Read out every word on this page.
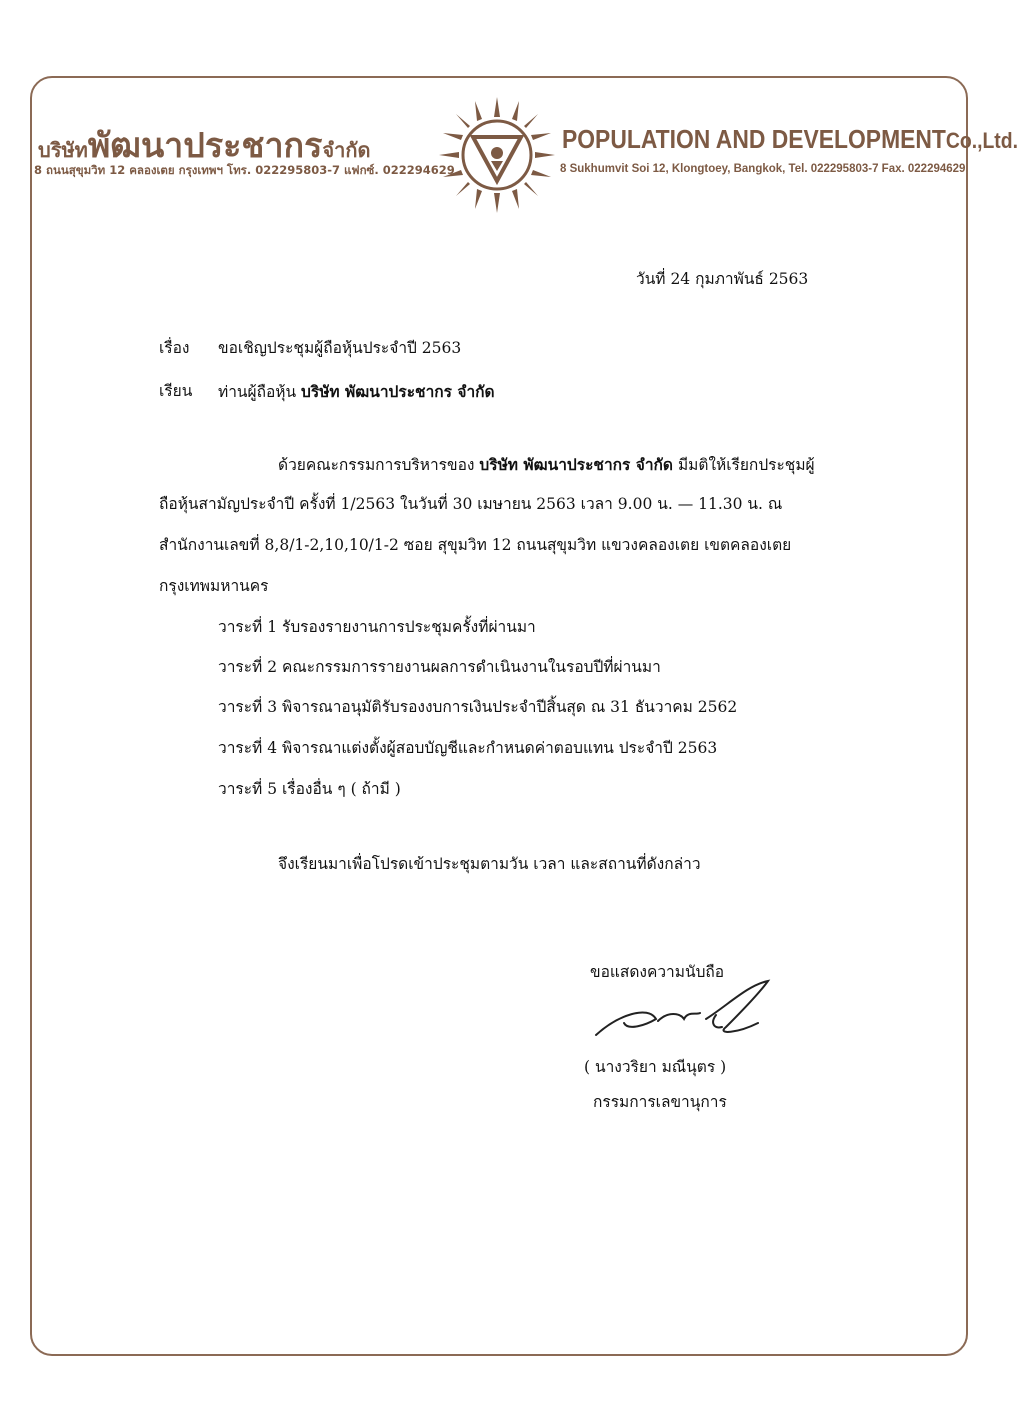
บริษัทพัฒนาประชากรจำกัด	POPULATION AND DEVELOPMENTCo.,Ltd.
8 ถนนสุขุมวิท 12 คลองเตย กรุงเทพฯ โทร. 022295803-7 แฟกซ์. 022294629	8 Sukhumvit Soi 12, Klongtoey, Bangkok, Tel. 022295803-7 Fax. 022294629
วันที่ 24 กุมภาพันธ์ 2563
เรื่อง ขอเชิญประชุมผู้ถือหุ้นประจำปี 2563
เรียน ท่านผู้ถือหุ้น บริษัท พัฒนาประชากร จำกัด
ด้วยคณะกรรมการบริหารของ บริษัท พัฒนาประชากร จำกัด มีมติให้เรียกประชุมผู้
ถือหุ้นสามัญประจำปี ครั้งที่ 1/2563 ในวันที่ 30 เมษายน 2563 เวลา 9.00 น. — 11.30 น. ณ
สำนักงานเลขที่ 8,8/1-2,10,10/1-2 ซอย สุขุมวิท 12 ถนนสุขุมวิท แขวงคลองเตย เขตคลองเตย
กรุงเทพมหานคร
วาระที่ 1 รับรองรายงานการประชุมครั้งที่ผ่านมา
วาระที่ 2 คณะกรรมการรายงานผลการดำเนินงานในรอบปีที่ผ่านมา
วาระที่ 3 พิจารณาอนุมัติรับรองงบการเงินประจำปีสิ้นสุด ณ 31 ธันวาคม 2562
วาระที่ 4 พิจารณาแต่งตั้งผู้สอบบัญชีและกำหนดค่าตอบแทน ประจำปี 2563
วาระที่ 5 เรื่องอื่น ๆ ( ถ้ามี )
จึงเรียนมาเพื่อโปรดเข้าประชุมตามวัน เวลา และสถานที่ดังกล่าว
ขอแสดงความนับถือ
( นางวริยา มณีนุตร )
กรรมการเลขานุการ
